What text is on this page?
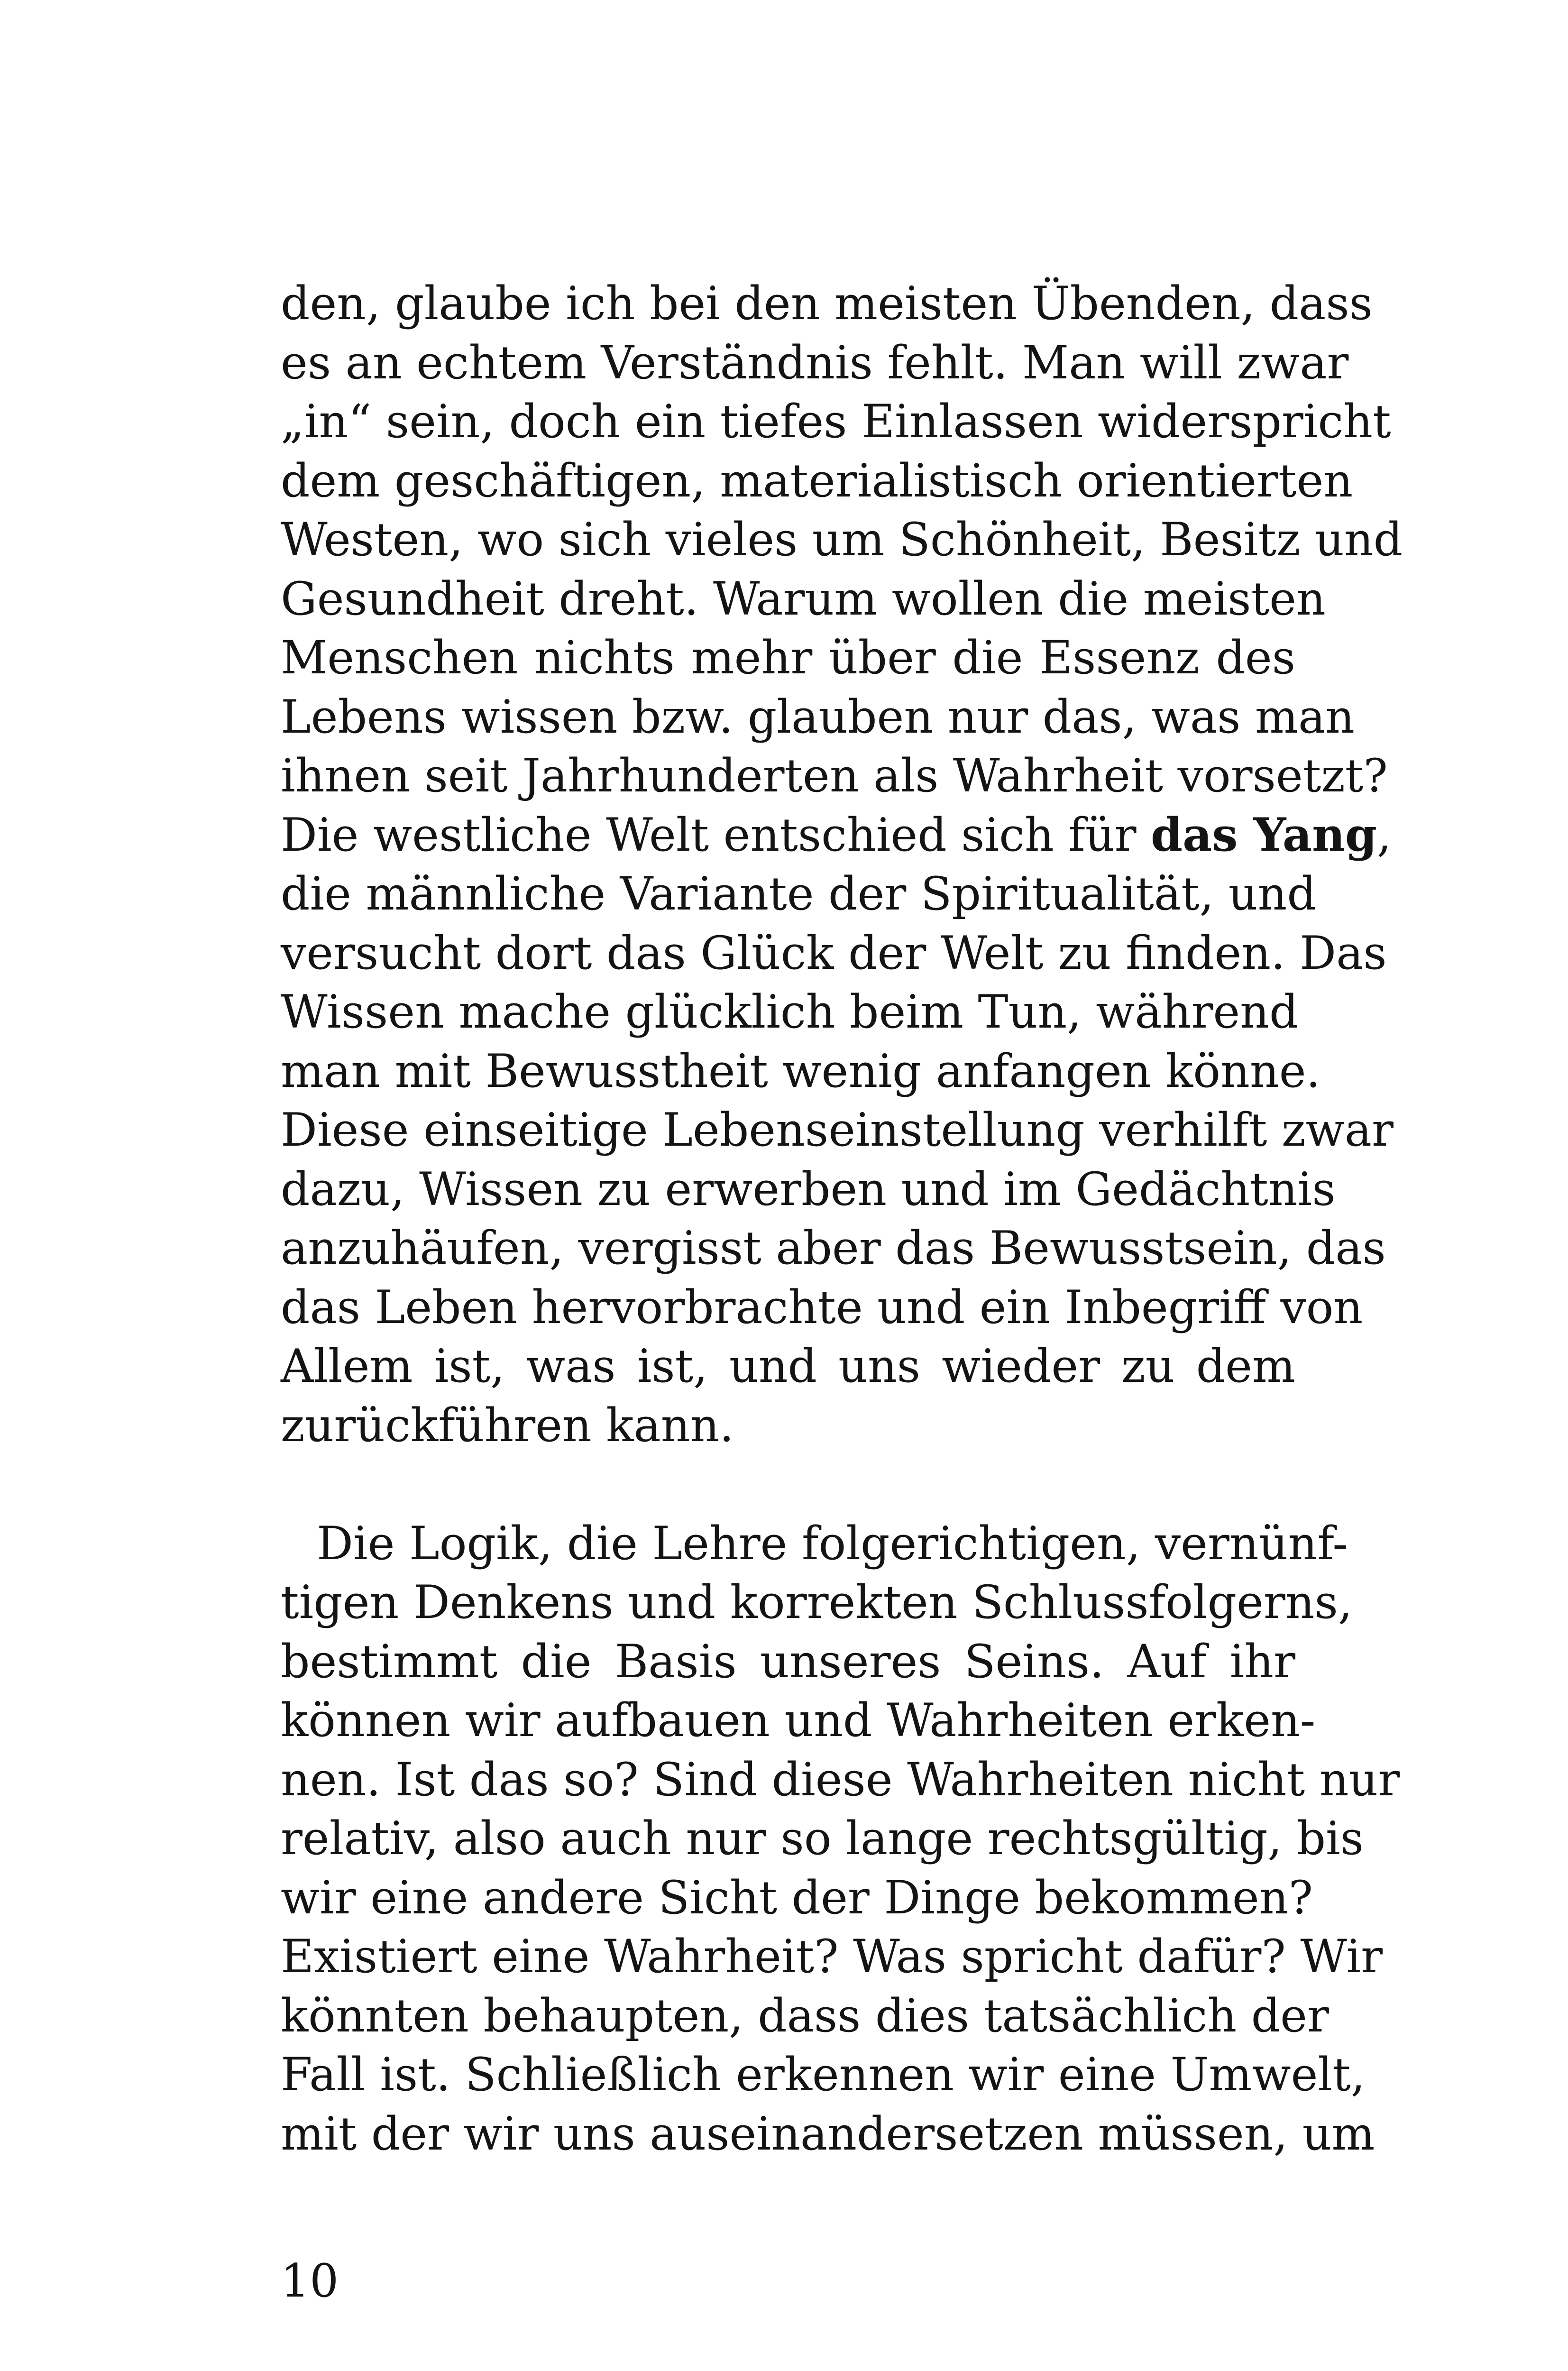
den, glaube ich bei den meisten Übenden, dass
es an echtem Verständnis fehlt. Man will zwar
„in“ sein, doch ein tiefes Einlassen widerspricht
dem geschäftigen, materialistisch orientierten
Westen, wo sich vieles um Schönheit, Besitz und
Gesundheit dreht. Warum wollen die meisten
Menschen nichts mehr über die Essenz des
Lebens wissen bzw. glauben nur das, was man
ihnen seit Jahrhunderten als Wahrheit vorsetzt?
Die westliche Welt entschied sich für das Yang,
die männliche Variante der Spiritualität, und
versucht dort das Glück der Welt zu finden. Das
Wissen mache glücklich beim Tun, während
man mit Bewusstheit wenig anfangen könne.
Diese einseitige Lebenseinstellung verhilft zwar
dazu, Wissen zu erwerben und im Gedächtnis
anzuhäufen, vergisst aber das Bewusstsein, das
das Leben hervorbrachte und ein Inbegriff von
Allem ist, was ist, und uns wieder zu dem
zurückführen kann.
Die Logik, die Lehre folgerichtigen, vernünf-
tigen Denkens und korrekten Schlussfolgerns,
bestimmt die Basis unseres Seins. Auf ihr
können wir aufbauen und Wahrheiten erken-
nen. Ist das so? Sind diese Wahrheiten nicht nur
relativ, also auch nur so lange rechtsgültig, bis
wir eine andere Sicht der Dinge bekommen?
Existiert eine Wahrheit? Was spricht dafür? Wir
könnten behaupten, dass dies tatsächlich der
Fall ist. Schließlich erkennen wir eine Umwelt,
mit der wir uns auseinandersetzen müssen, um
10
